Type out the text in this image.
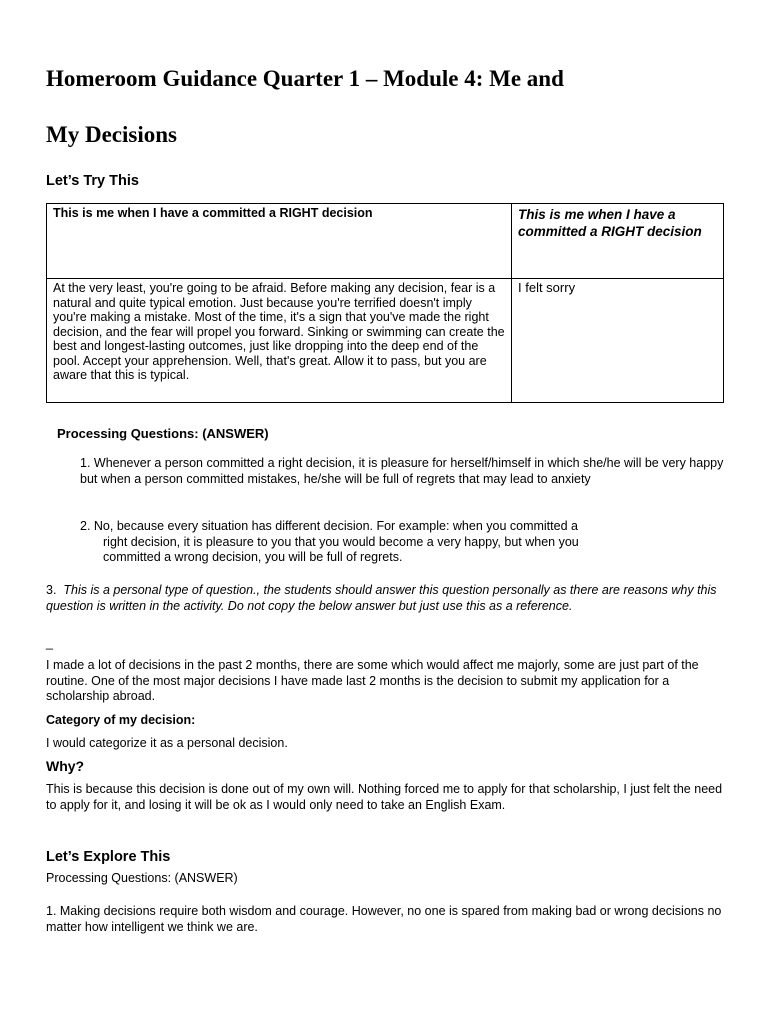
Homeroom Guidance Quarter 1 – Module 4: Me and
My Decisions
Let’s Try This
This is me when I have a committed a RIGHT decision	This is me when I have a committed a RIGHT decision
At the very least, you're going to be afraid. Before making any decision, fear is a natural and quite typical emotion. Just because you're terrified doesn't imply you're making a mistake. Most of the time, it's a sign that you've made the right decision, and the fear will propel you forward. Sinking or swimming can create the best and longest-lasting outcomes, just like dropping into the deep end of the pool. Accept your apprehension. Well, that's great. Allow it to pass, but you are aware that this is typical.	I felt sorry
Processing Questions: (ANSWER)
1. Whenever a person committed a right decision, it is pleasure for herself/himself in which she/he will be very happy but when a person committed mistakes, he/she will be full of regrets that may lead to anxiety
2. No, because every situation has different decision. For example: when you committed a right decision, it is pleasure to you that you would become a very happy, but when you committed a wrong decision, you will be full of regrets.
3. This is a personal type of question., the students should answer this question personally as there are reasons why this question is written in the activity. Do not copy the below answer but just use this as a reference.
_
I made a lot of decisions in the past 2 months, there are some which would affect me majorly, some are just part of the routine. One of the most major decisions I have made last 2 months is the decision to submit my application for a scholarship abroad.
Category of my decision:
I would categorize it as a personal decision.
Why?
This is because this decision is done out of my own will. Nothing forced me to apply for that scholarship, I just felt the need to apply for it, and losing it will be ok as I would only need to take an English Exam.
Let’s Explore This
Processing Questions: (ANSWER)
1. Making decisions require both wisdom and courage. However, no one is spared from making bad or wrong decisions no matter how intelligent we think we are.
